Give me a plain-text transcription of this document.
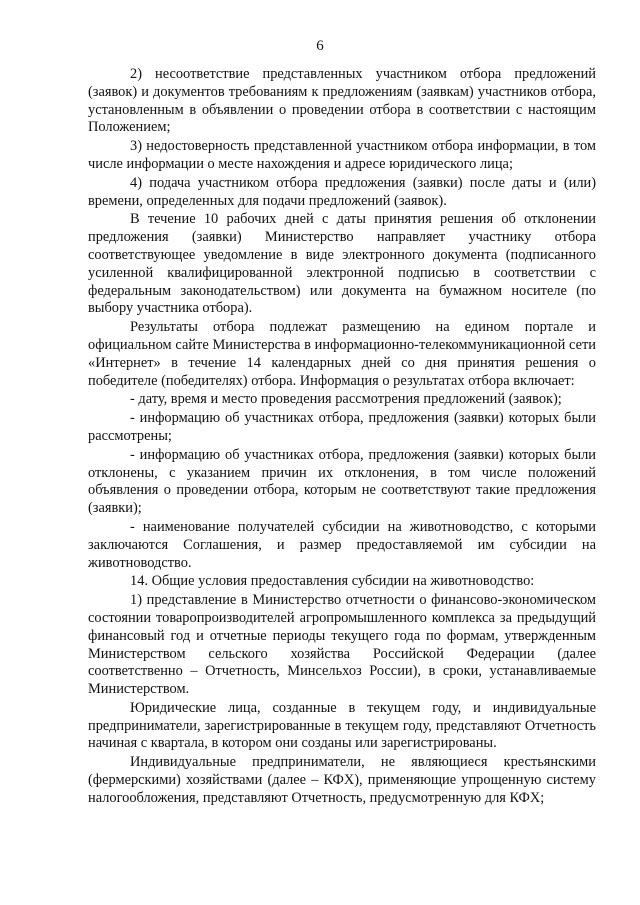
6

2) несоответствие представленных участником отбора предложений (заявок) и документов требованиям к предложениям (заявкам) участников отбора, установленным в объявлении о проведении отбора в соответствии с настоящим Положением;

3) недостоверность представленной участником отбора информации, в том числе информации о месте нахождения и адресе юридического лица;

4) подача участником отбора предложения (заявки) после даты и (или) времени, определенных для подачи предложений (заявок).

В течение 10 рабочих дней с даты принятия решения об отклонении предложения (заявки) Министерство направляет участнику отбора соответствующее уведомление в виде электронного документа (подписанного усиленной квалифицированной электронной подписью в соответствии с федеральным законодательством) или документа на бумажном носителе (по выбору участника отбора).

Результаты отбора подлежат размещению на едином портале и официальном сайте Министерства в информационно-телекоммуникационной сети «Интернет» в течение 14 календарных дней со дня принятия решения о победителе (победителях) отбора. Информация о результатах отбора включает:

- дату, время и место проведения рассмотрения предложений (заявок);

- информацию об участниках отбора, предложения (заявки) которых были рассмотрены;

- информацию об участниках отбора, предложения (заявки) которых были отклонены, с указанием причин их отклонения, в том числе положений объявления о проведении отбора, которым не соответствуют такие предложения (заявки);

- наименование получателей субсидии на животноводство, с которыми заключаются Соглашения, и размер предоставляемой им субсидии на животноводство.

14. Общие условия предоставления субсидии на животноводство:

1) представление в Министерство отчетности о финансово-экономическом состоянии товаропроизводителей агропромышленного комплекса за предыдущий финансовый год и отчетные периоды текущего года по формам, утвержденным Министерством сельского хозяйства Российской Федерации (далее соответственно – Отчетность, Минсельхоз России), в сроки, устанавливаемые Министерством.

Юридические лица, созданные в текущем году, и индивидуальные предприниматели, зарегистрированные в текущем году, представляют Отчетность начиная с квартала, в котором они созданы или зарегистрированы.

Индивидуальные предприниматели, не являющиеся крестьянскими (фермерскими) хозяйствами (далее – КФХ), применяющие упрощенную систему налогообложения, представляют Отчетность, предусмотренную для КФХ;
